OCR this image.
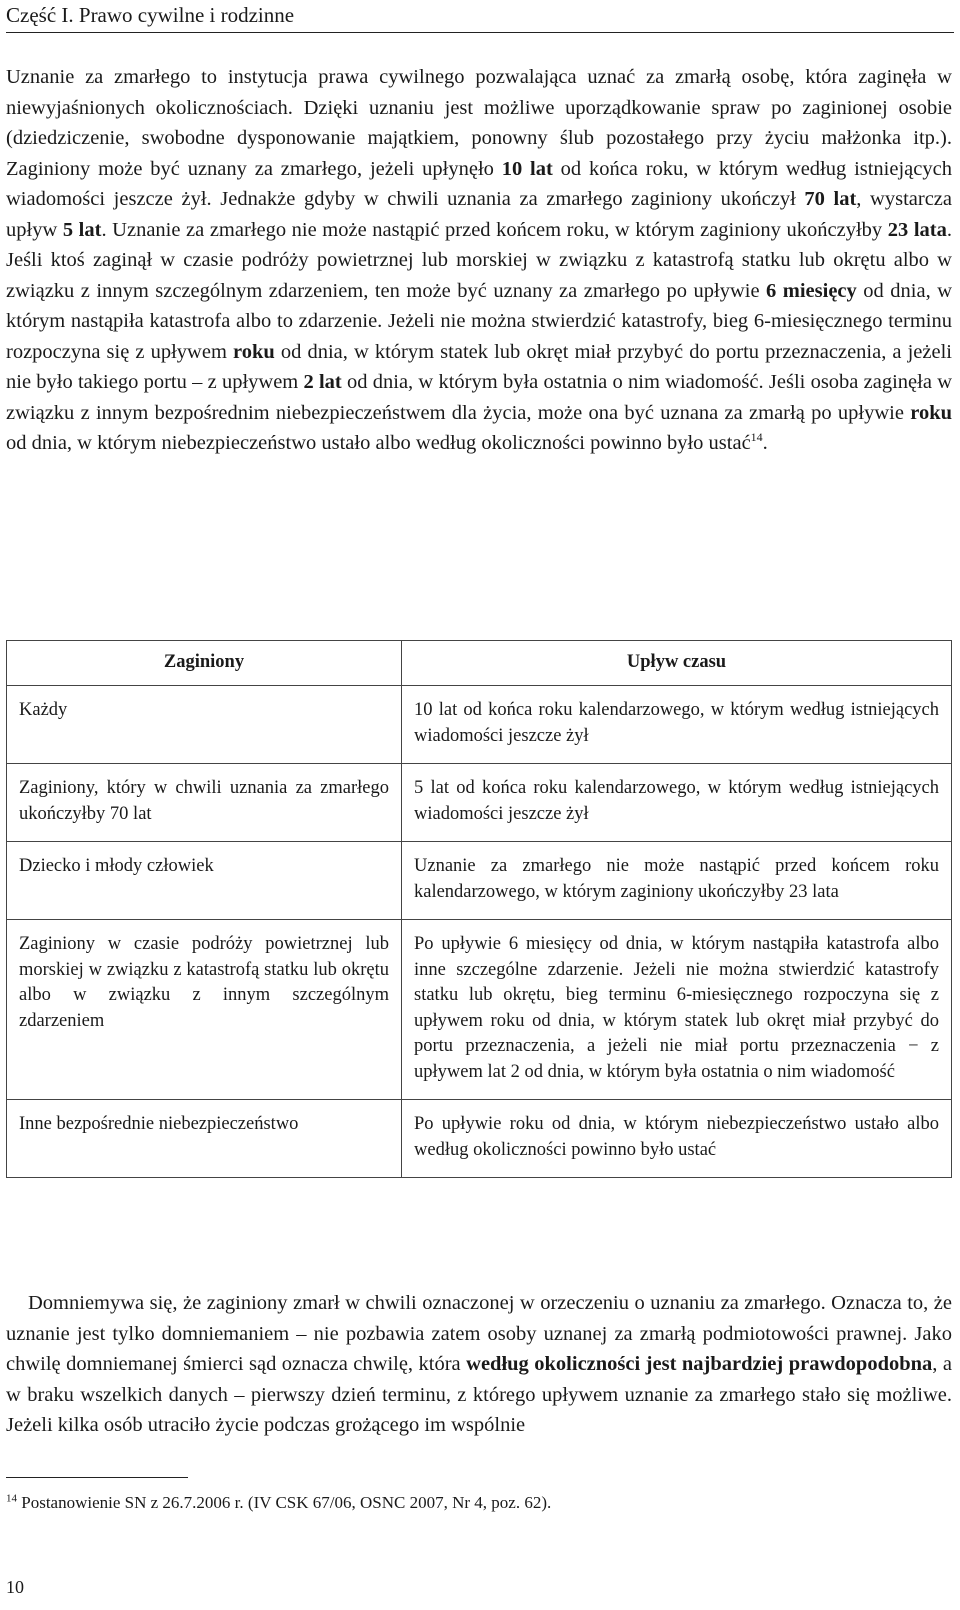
Część I. Prawo cywilne i rodzinne

Uznanie za zmarłego to instytucja prawa cywilnego pozwalająca uznać za zmarłą osobę, która zaginęła w niewyjaśnionych okolicznościach. Dzięki uznaniu jest możliwe uporządkowanie spraw po zaginionej osobie (dziedziczenie, swobodne dysponowanie majątkiem, ponowny ślub pozostałego przy życiu małżonka itp.). Zaginiony może być uznany za zmarłego, jeżeli upłynęło 10 lat od końca roku, w którym według istniejących wiadomości jeszcze żył. Jednakże gdyby w chwili uznania za zmarłego zaginiony ukończył 70 lat, wystarcza upływ 5 lat. Uznanie za zmarłego nie może nastąpić przed końcem roku, w którym zaginiony ukończyłby 23 lata. Jeśli ktoś zaginął w czasie podróży powietrznej lub morskiej w związku z katastrofą statku lub okrętu albo w związku z innym szczególnym zdarzeniem, ten może być uznany za zmarłego po upływie 6 miesięcy od dnia, w którym nastąpiła katastrofa albo to zdarzenie. Jeżeli nie można stwierdzić katastrofy, bieg 6-miesięcznego terminu rozpoczyna się z upływem roku od dnia, w którym statek lub okręt miał przybyć do portu przeznaczenia, a jeżeli nie było takiego portu – z upływem 2 lat od dnia, w którym była ostatnia o nim wiadomość. Jeśli osoba zaginęła w związku z innym bezpośrednim niebezpieczeństwem dla życia, może ona być uznana za zmarłą po upływie roku od dnia, w którym niebezpieczeństwo ustało albo według okoliczności powinno było ustać$^{14}$.

Zaginiony	Upływ czasu
Każdy	10 lat od końca roku kalendarzowego, w którym według istniejących wiadomości jeszcze żył
Zaginiony, który w chwili uznania za zmarłego ukończyłby 70 lat	5 lat od końca roku kalendarzowego, w którym według istniejących wiadomości jeszcze żył
Dziecko i młody człowiek	Uznanie za zmarłego nie może nastąpić przed końcem roku kalendarzowego, w którym zaginiony ukończyłby 23 lata
Zaginiony w czasie podróży powietrznej lub morskiej w związku z katastrofą statku lub okrętu albo w związku z innym szczególnym zdarzeniem	Po upływie 6 miesięcy od dnia, w którym nastąpiła katastrofa albo inne szczególne zdarzenie. Jeżeli nie można stwierdzić katastrofy statku lub okrętu, bieg terminu 6-miesięcznego rozpoczyna się z upływem roku od dnia, w którym statek lub okręt miał przybyć do portu przeznaczenia, a jeżeli nie miał portu przeznaczenia − z upływem lat 2 od dnia, w którym była ostatnia o nim wiadomość
Inne bezpośrednie niebezpieczeństwo	Po upływie roku od dnia, w którym niebezpieczeństwo ustało albo według okoliczności powinno było ustać

Domniemywa się, że zaginiony zmarł w chwili oznaczonej w orzeczeniu o uznaniu za zmarłego. Oznacza to, że uznanie jest tylko domniemaniem – nie pozbawia zatem osoby uznanej za zmarłą podmiotowości prawnej. Jako chwilę domniemanej śmierci sąd oznacza chwilę, która według okoliczności jest najbardziej prawdopodobna, a w braku wszelkich danych – pierwszy dzień terminu, z którego upływem uznanie za zmarłego stało się możliwe. Jeżeli kilka osób utraciło życie podczas grożącego im wspólnie

$^{14}$ Postanowienie SN z 26.7.2006 r. (IV CSK 67/06, OSNC 2007, Nr 4, poz. 62).
10
